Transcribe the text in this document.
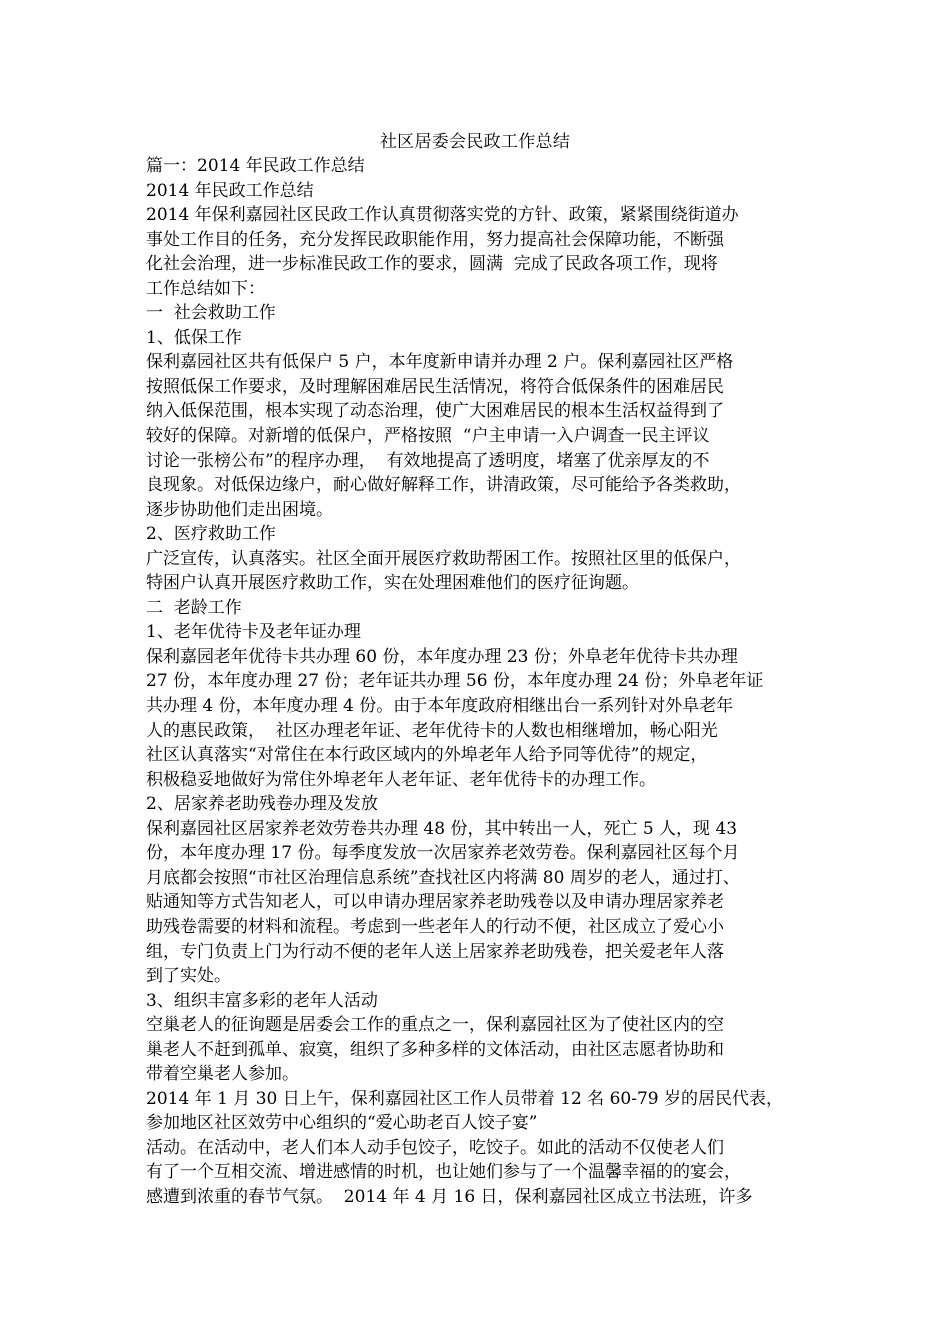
社区居委会民政工作总结
篇一：2014 年民政工作总结
2014 年民政工作总结
2014 年保利嘉园社区民政工作认真贯彻落实党的方针、政策，紧紧围绕街道办
事处工作目的任务，充分发挥民政职能作用，努力提高社会保障功能，不断强
化社会治理，进一步标准民政工作的要求，圆满  完成了民政各项工作，现将
工作总结如下：
一  社会救助工作
1、低保工作
保利嘉园社区共有低保户 5 户，本年度新申请并办理 2 户。保利嘉园社区严格
按照低保工作要求，及时理解困难居民生活情况，将符合低保条件的困难居民
纳入低保范围，根本实现了动态治理，使广大困难居民的根本生活权益得到了
较好的保障。对新增的低保户，严格按照  “户主申请一入户调查一民主评议
讨论一张榜公布”的程序办理，  有效地提高了透明度，堵塞了优亲厚友的不
良现象。对低保边缘户，耐心做好解释工作，讲清政策，尽可能给予各类救助，
逐步协助他们走出困境。
2、医疗救助工作
广泛宣传，认真落实。社区全面开展医疗救助帮困工作。按照社区里的低保户，
特困户认真开展医疗救助工作，实在处理困难他们的医疗征询题。
二  老龄工作
1、老年优待卡及老年证办理
保利嘉园老年优待卡共办理 60 份，本年度办理 23 份；外阜老年优待卡共办理
27 份，本年度办理 27 份；老年证共办理 56 份，本年度办理 24 份；外阜老年证
共办理 4 份，本年度办理 4 份。由于本年度政府相继出台一系列针对外阜老年
人的惠民政策，  社区办理老年证、老年优待卡的人数也相继增加，畅心阳光
社区认真落实“对常住在本行政区域内的外埠老年人给予同等优待”的规定，
积极稳妥地做好为常住外埠老年人老年证、老年优待卡的办理工作。
2、居家养老助残卷办理及发放
保利嘉园社区居家养老效劳卷共办理 48 份，其中转出一人，死亡 5 人，现 43
份，本年度办理 17 份。每季度发放一次居家养老效劳卷。保利嘉园社区每个月
月底都会按照“市社区治理信息系统”查找社区内将满 80 周岁的老人，通过打、
贴通知等方式告知老人，可以申请办理居家养老助残卷以及申请办理居家养老
助残卷需要的材料和流程。考虑到一些老年人的行动不便，社区成立了爱心小
组，专门负责上门为行动不便的老年人送上居家养老助残卷，把关爱老年人落
到了实处。
3、组织丰富多彩的老年人活动
空巢老人的征询题是居委会工作的重点之一，保利嘉园社区为了使社区内的空
巢老人不赶到孤单、寂寞，组织了多种多样的文体活动，由社区志愿者协助和
带着空巢老人参加。
2014 年 1 月 30 日上午，保利嘉园社区工作人员带着 12 名 60-79 岁的居民代表，
参加地区社区效劳中心组织的“爱心助老百人饺子宴”
活动。在活动中，老人们本人动手包饺子，吃饺子。如此的活动不仅使老人们
有了一个互相交流、增进感情的时机，也让她们参与了一个温馨幸福的的宴会，
感遭到浓重的春节气氛。  2014 年 4 月 16 日，保利嘉园社区成立书法班，许多
